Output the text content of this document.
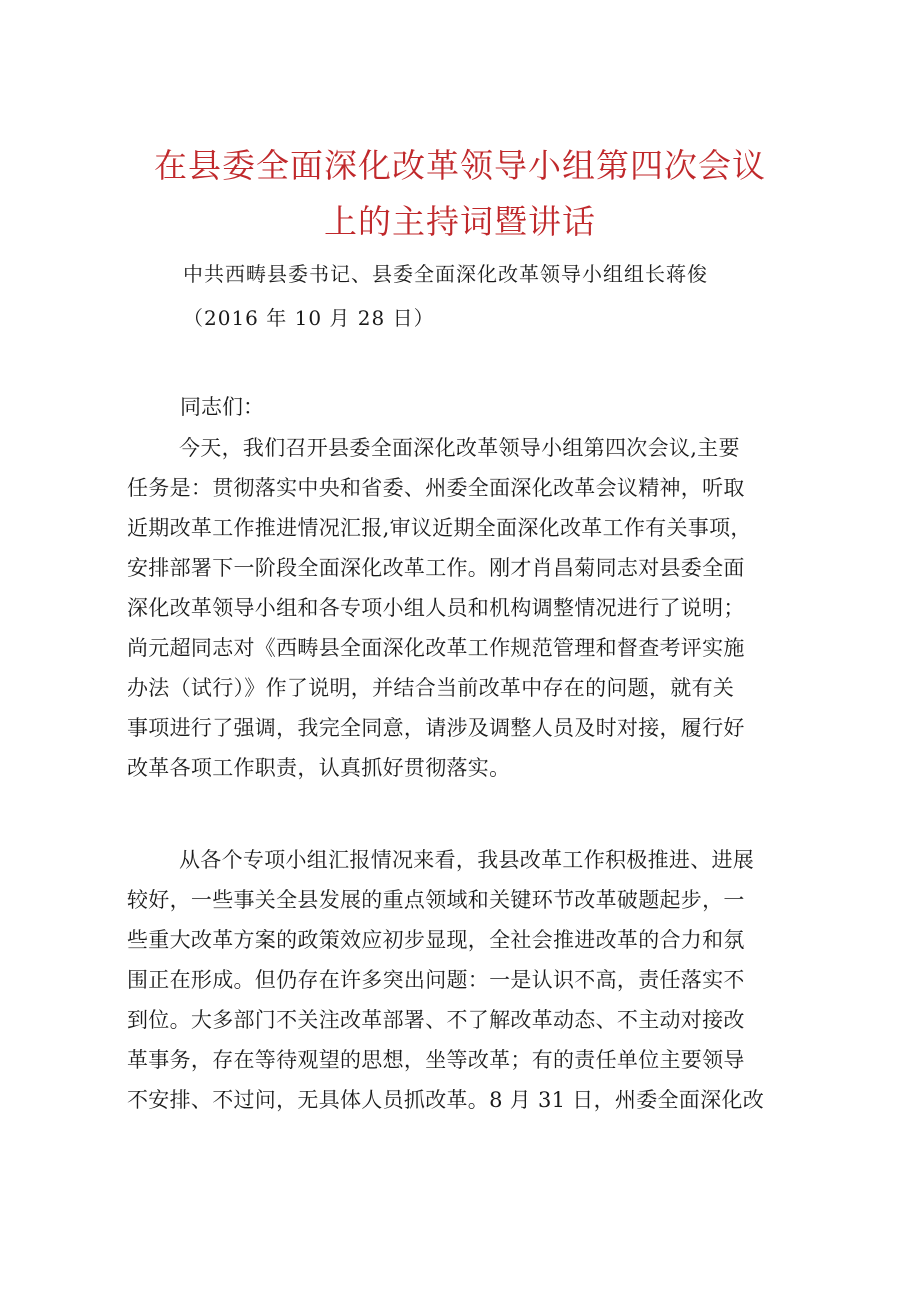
在县委全面深化改革领导小组第四次会议
上的主持词暨讲话
中共西畴县委书记、县委全面深化改革领导小组组长蒋俊
（2016 年 10 月 28 日）
同志们：
今天，我们召开县委全面深化改革领导小组第四次会议,主要
任务是：贯彻落实中央和省委、州委全面深化改革会议精神，听取
近期改革工作推进情况汇报,审议近期全面深化改革工作有关事项，
安排部署下一阶段全面深化改革工作。刚才肖昌菊同志对县委全面
深化改革领导小组和各专项小组人员和机构调整情况进行了说明；
尚元超同志对《西畴县全面深化改革工作规范管理和督查考评实施
办法（试行）》作了说明，并结合当前改革中存在的问题，就有关
事项进行了强调，我完全同意，请涉及调整人员及时对接，履行好
改革各项工作职责，认真抓好贯彻落实。
从各个专项小组汇报情况来看，我县改革工作积极推进、进展
较好，一些事关全县发展的重点领域和关键环节改革破题起步，一
些重大改革方案的政策效应初步显现，全社会推进改革的合力和氛
围正在形成。但仍存在许多突出问题：一是认识不高，责任落实不
到位。大多部门不关注改革部署、不了解改革动态、不主动对接改
革事务，存在等待观望的思想，坐等改革；有的责任单位主要领导
不安排、不过问，无具体人员抓改革。8 月 31 日，州委全面深化改
